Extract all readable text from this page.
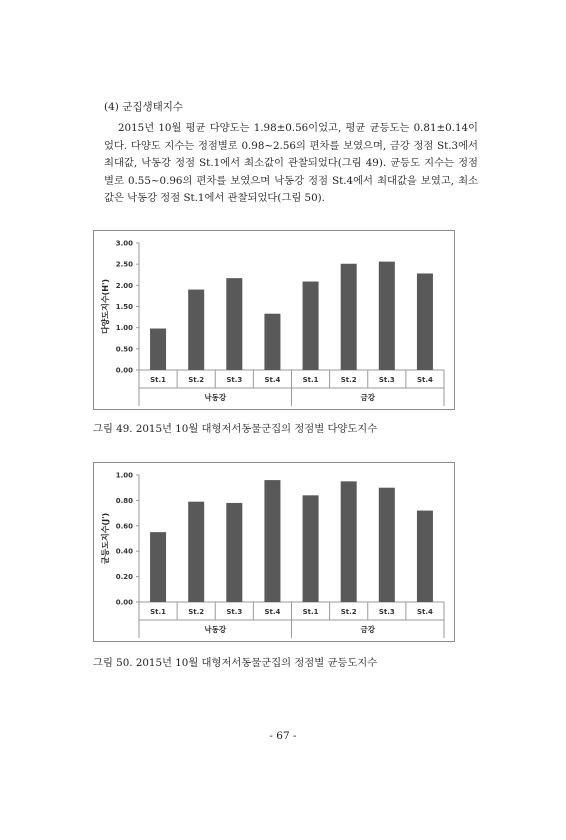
(4) 군집생태지수

2015년 10월 평균 다양도는 1.98±0.56이었고, 평균 균등도는 0.81±0.14이었다. 다양도 지수는 정점별로 0.98~2.56의 편차를 보였으며, 금강 정점 St.3에서 최대값, 낙동강 정점 St.1에서 최소값이 관찰되었다(그림 49). 균등도 지수는 정점별로 0.55~0.96의 편차를 보였으며 낙동강 정점 St.4에서 최대값을 보였고, 최소값은 낙동강 정점 St.1에서 관찰되었다(그림 50).

0.00
0.50
1.00
1.50
2.00
2.50
3.00
다양도지수(H')
St.1	St.2	St.3	St.4	St.1	St.2	St.3	St.4
낙동강	금강
그림 49. 2015년 10월 대형저서동물군집의 정점별 다양도지수
0.00
0.20
0.40
0.60
0.80
1.00
균등도지수(J')
St.1	St.2	St.3	St.4	St.1	St.2	St.3	St.4
낙동강	금강
그림 50. 2015년 10월 대형저서동물군집의 정점별 균등도지수
- 67 -
